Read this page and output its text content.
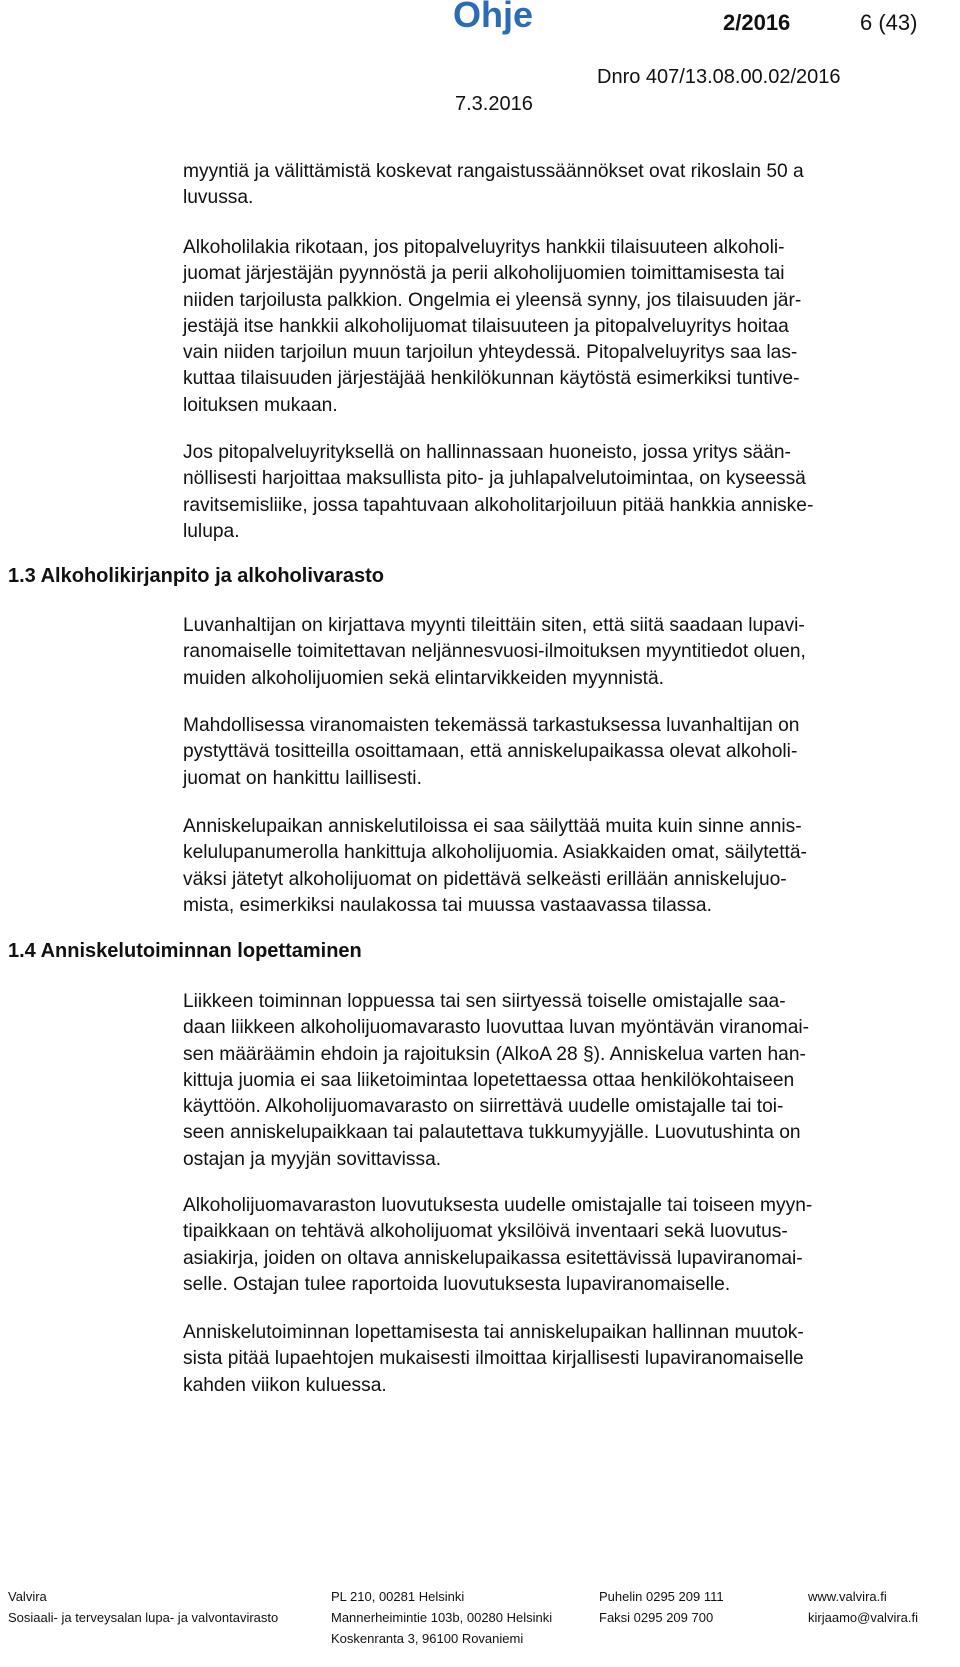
Ohje	2/2016	6 (43)
Dnro 407/13.08.00.02/2016
7.3.2016
myyntiä ja välittämistä koskevat rangaistussäännökset ovat rikoslain 50 a
luvussa.
Alkoholilakia rikotaan, jos pitopalveluyritys hankkii tilaisuuteen alkoholi-
juomat järjestäjän pyynnöstä ja perii alkoholijuomien toimittamisesta tai
niiden tarjoilusta palkkion. Ongelmia ei yleensä synny, jos tilaisuuden jär-
jestäjä itse hankkii alkoholijuomat tilaisuuteen ja pitopalveluyritys hoitaa
vain niiden tarjoilun muun tarjoilun yhteydessä. Pitopalveluyritys saa las-
kuttaa tilaisuuden järjestäjää henkilökunnan käytöstä esimerkiksi tuntive-
loituksen mukaan.
Jos pitopalveluyrityksellä on hallinnassaan huoneisto, jossa yritys sään-
nöllisesti harjoittaa maksullista pito- ja juhlapalvelutoimintaa, on kyseessä
ravitsemisliike, jossa tapahtuvaan alkoholitarjoiluun pitää hankkia anniske-
lulupa.
1.3 Alkoholikirjanpito ja alkoholivarasto
Luvanhaltijan on kirjattava myynti tileittäin siten, että siitä saadaan lupavi-
ranomaiselle toimitettavan neljännesvuosi-ilmoituksen myyntitiedot oluen,
muiden alkoholijuomien sekä elintarvikkeiden myynnistä.
Mahdollisessa viranomaisten tekemässä tarkastuksessa luvanhaltijan on
pystyttävä tositteilla osoittamaan, että anniskelupaikassa olevat alkoholi-
juomat on hankittu laillisesti.
Anniskelupaikan anniskelutiloissa ei saa säilyttää muita kuin sinne annis-
kelulupanumerolla hankittuja alkoholijuomia. Asiakkaiden omat, säilytettä-
väksi jätetyt alkoholijuomat on pidettävä selkeästi erillään anniskelujuo-
mista, esimerkiksi naulakossa tai muussa vastaavassa tilassa.
1.4 Anniskelutoiminnan lopettaminen
Liikkeen toiminnan loppuessa tai sen siirtyessä toiselle omistajalle saa-
daan liikkeen alkoholijuomavarasto luovuttaa luvan myöntävän viranomai-
sen määräämin ehdoin ja rajoituksin (AlkoA 28 §). Anniskelua varten han-
kittuja juomia ei saa liiketoimintaa lopetettaessa ottaa henkilökohtaiseen
käyttöön. Alkoholijuomavarasto on siirrettävä uudelle omistajalle tai toi-
seen anniskelupaikkaan tai palautettava tukkumyyjälle. Luovutushinta on
ostajan ja myyjän sovittavissa.
Alkoholijuomavaraston luovutuksesta uudelle omistajalle tai toiseen myyn-
tipaikkaan on tehtävä alkoholijuomat yksilöivä inventaari sekä luovutus-
asiakirja, joiden on oltava anniskelupaikassa esitettävissä lupaviranomai-
selle. Ostajan tulee raportoida luovutuksesta lupaviranomaiselle.
Anniskelutoiminnan lopettamisesta tai anniskelupaikan hallinnan muutok-
sista pitää lupaehtojen mukaisesti ilmoittaa kirjallisesti lupaviranomaiselle
kahden viikon kuluessa.
Valvira
Sosiaali- ja terveysalan lupa- ja valvontavirasto
PL 210, 00281 Helsinki
Mannerheimintie 103b, 00280 Helsinki
Koskenranta 3, 96100 Rovaniemi
Puhelin 0295 209 111
Faksi 0295 209 700
www.valvira.fi
kirjaamo@valvira.fi
